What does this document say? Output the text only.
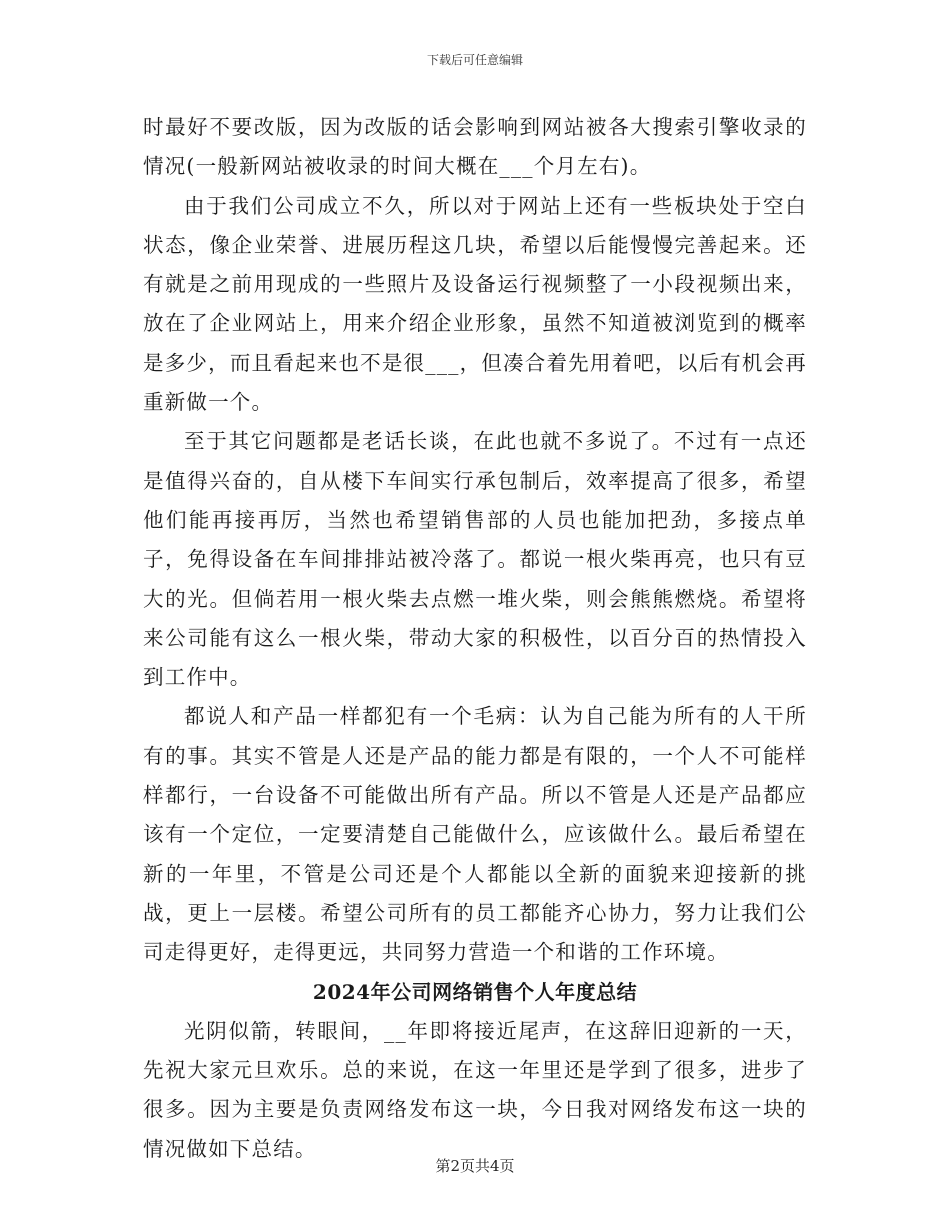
下载后可任意编辑

时最好不要改版，因为改版的话会影响到网站被各大搜索引擎收录的情况(一般新网站被收录的时间大概在___个月左右)。

由于我们公司成立不久，所以对于网站上还有一些板块处于空白状态，像企业荣誉、进展历程这几块，希望以后能慢慢完善起来。还有就是之前用现成的一些照片及设备运行视频整了一小段视频出来，放在了企业网站上，用来介绍企业形象，虽然不知道被浏览到的概率是多少，而且看起来也不是很___，但凑合着先用着吧，以后有机会再重新做一个。

至于其它问题都是老话长谈，在此也就不多说了。不过有一点还是值得兴奋的，自从楼下车间实行承包制后，效率提高了很多，希望他们能再接再厉，当然也希望销售部的人员也能加把劲，多接点单子，免得设备在车间排排站被冷落了。都说一根火柴再亮，也只有豆大的光。但倘若用一根火柴去点燃一堆火柴，则会熊熊燃烧。希望将来公司能有这么一根火柴，带动大家的积极性，以百分百的热情投入到工作中。

都说人和产品一样都犯有一个毛病：认为自己能为所有的人干所有的事。其实不管是人还是产品的能力都是有限的，一个人不可能样样都行，一台设备不可能做出所有产品。所以不管是人还是产品都应该有一个定位，一定要清楚自己能做什么，应该做什么。最后希望在新的一年里，不管是公司还是个人都能以全新的面貌来迎接新的挑战，更上一层楼。希望公司所有的员工都能齐心协力，努力让我们公司走得更好，走得更远，共同努力营造一个和谐的工作环境。

2024年公司网络销售个人年度总结

光阴似箭，转眼间，__年即将接近尾声，在这辞旧迎新的一天，先祝大家元旦欢乐。总的来说，在这一年里还是学到了很多，进步了很多。因为主要是负责网络发布这一块，今日我对网络发布这一块的情况做如下总结。

第2页共4页
